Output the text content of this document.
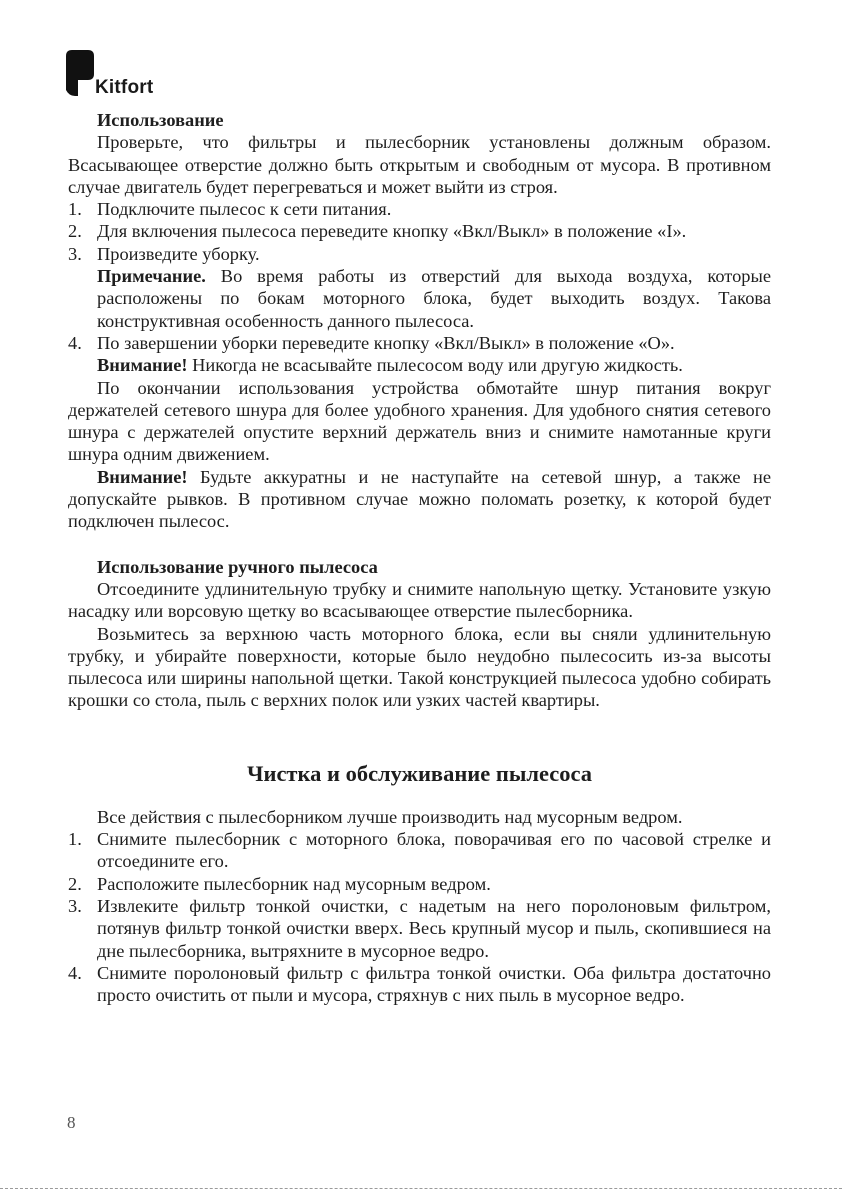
Kitfort

Использование

Проверьте, что фильтры и пылесборник установлены должным образом. Всасывающее отверстие должно быть открытым и свободным от мусора. В противном случае двигатель будет перегреваться и может выйти из строя.

1. Подключите пылесос к сети питания.
2. Для включения пылесоса переведите кнопку «Вкл/Выкл» в положение «I».
3. Произведите уборку.

Примечание. Во время работы из отверстий для выхода воздуха, которые расположены по бокам моторного блока, будет выходить воздух. Такова конструктивная особенность данного пылесоса.

4. По завершении уборки переведите кнопку «Вкл/Выкл» в положение «O».

Внимание! Никогда не всасывайте пылесосом воду или другую жидкость.

По окончании использования устройства обмотайте шнур питания вокруг держателей сетевого шнура для более удобного хранения. Для удобного снятия сетевого шнура с держателей опустите верхний держатель вниз и снимите намотанные круги шнура одним движением.

Внимание! Будьте аккуратны и не наступайте на сетевой шнур, а также не допускайте рывков. В противном случае можно поломать розетку, к которой будет подключен пылесос.

Использование ручного пылесоса

Отсоедините удлинительную трубку и снимите напольную щетку. Установите узкую насадку или ворсовую щетку во всасывающее отверстие пылесборника.

Возьмитесь за верхнюю часть моторного блока, если вы сняли удлинительную трубку, и убирайте поверхности, которые было неудобно пылесосить из-за высоты пылесоса или ширины напольной щетки. Такой конструкцией пылесоса удобно собирать крошки со стола, пыль с верхних полок или узких частей квартиры.

Чистка и обслуживание пылесоса

Все действия с пылесборником лучше производить над мусорным ведром.

1. Снимите пылесборник с моторного блока, поворачивая его по часовой стрелке и отсоедините его.
2. Расположите пылесборник над мусорным ведром.
3. Извлеките фильтр тонкой очистки, с надетым на него поролоновым фильтром, потянув фильтр тонкой очистки вверх. Весь крупный мусор и пыль, скопившиеся на дне пылесборника, вытряхните в мусорное ведро.
4. Снимите поролоновый фильтр с фильтра тонкой очистки. Оба фильтра достаточно просто очистить от пыли и мусора, стряхнув с них пыль в мусорное ведро.
8
